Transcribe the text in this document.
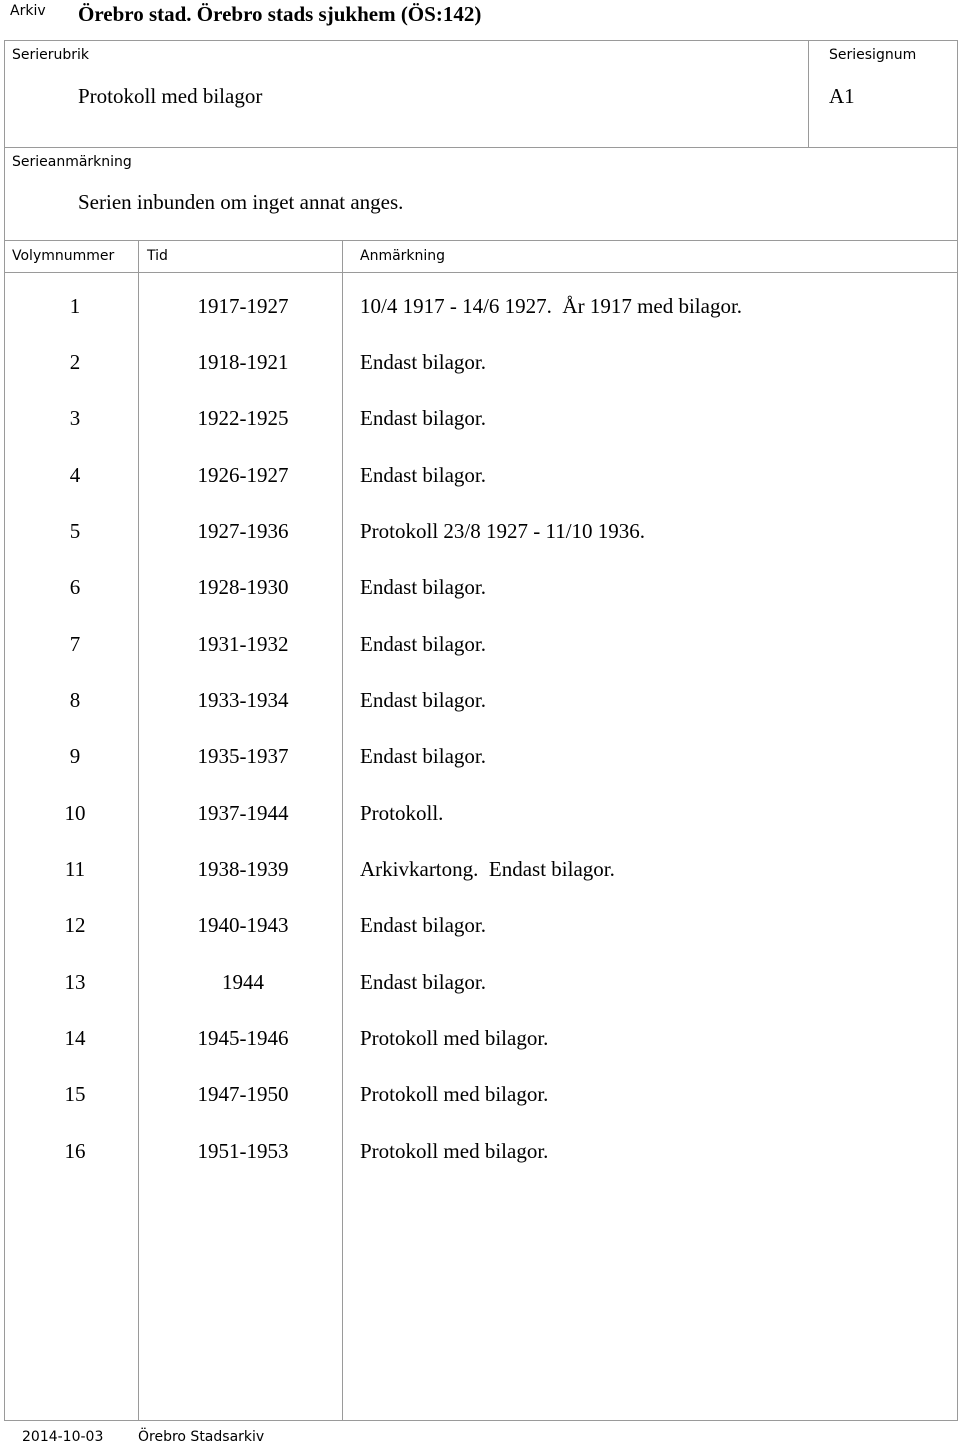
Arkiv Örebro stad. Örebro stads sjukhem (ÖS:142)
Serierubrik
Protokoll med bilagor
Seriesignum
A1
Serieanmärkning
Serien inbunden om inget annat anges.
Volymnummer Tid	Anmärkning
1	1917-1927	10/4 1917 - 14/6 1927.  År 1917 med bilagor.
2	1918-1921	Endast bilagor.
3	1922-1925	Endast bilagor.
4	1926-1927	Endast bilagor.
5	1927-1936	Protokoll 23/8 1927 - 11/10 1936.
6	1928-1930	Endast bilagor.
7	1931-1932	Endast bilagor.
8	1933-1934	Endast bilagor.
9	1935-1937	Endast bilagor.
10	1937-1944	Protokoll.
11	1938-1939	Arkivkartong.  Endast bilagor.
12	1940-1943	Endast bilagor.
13	1944	Endast bilagor.
14	1945-1946	Protokoll med bilagor.
15	1947-1950	Protokoll med bilagor.
16	1951-1953	Protokoll med bilagor.
2014-10-03 Örebro Stadsarkiv
